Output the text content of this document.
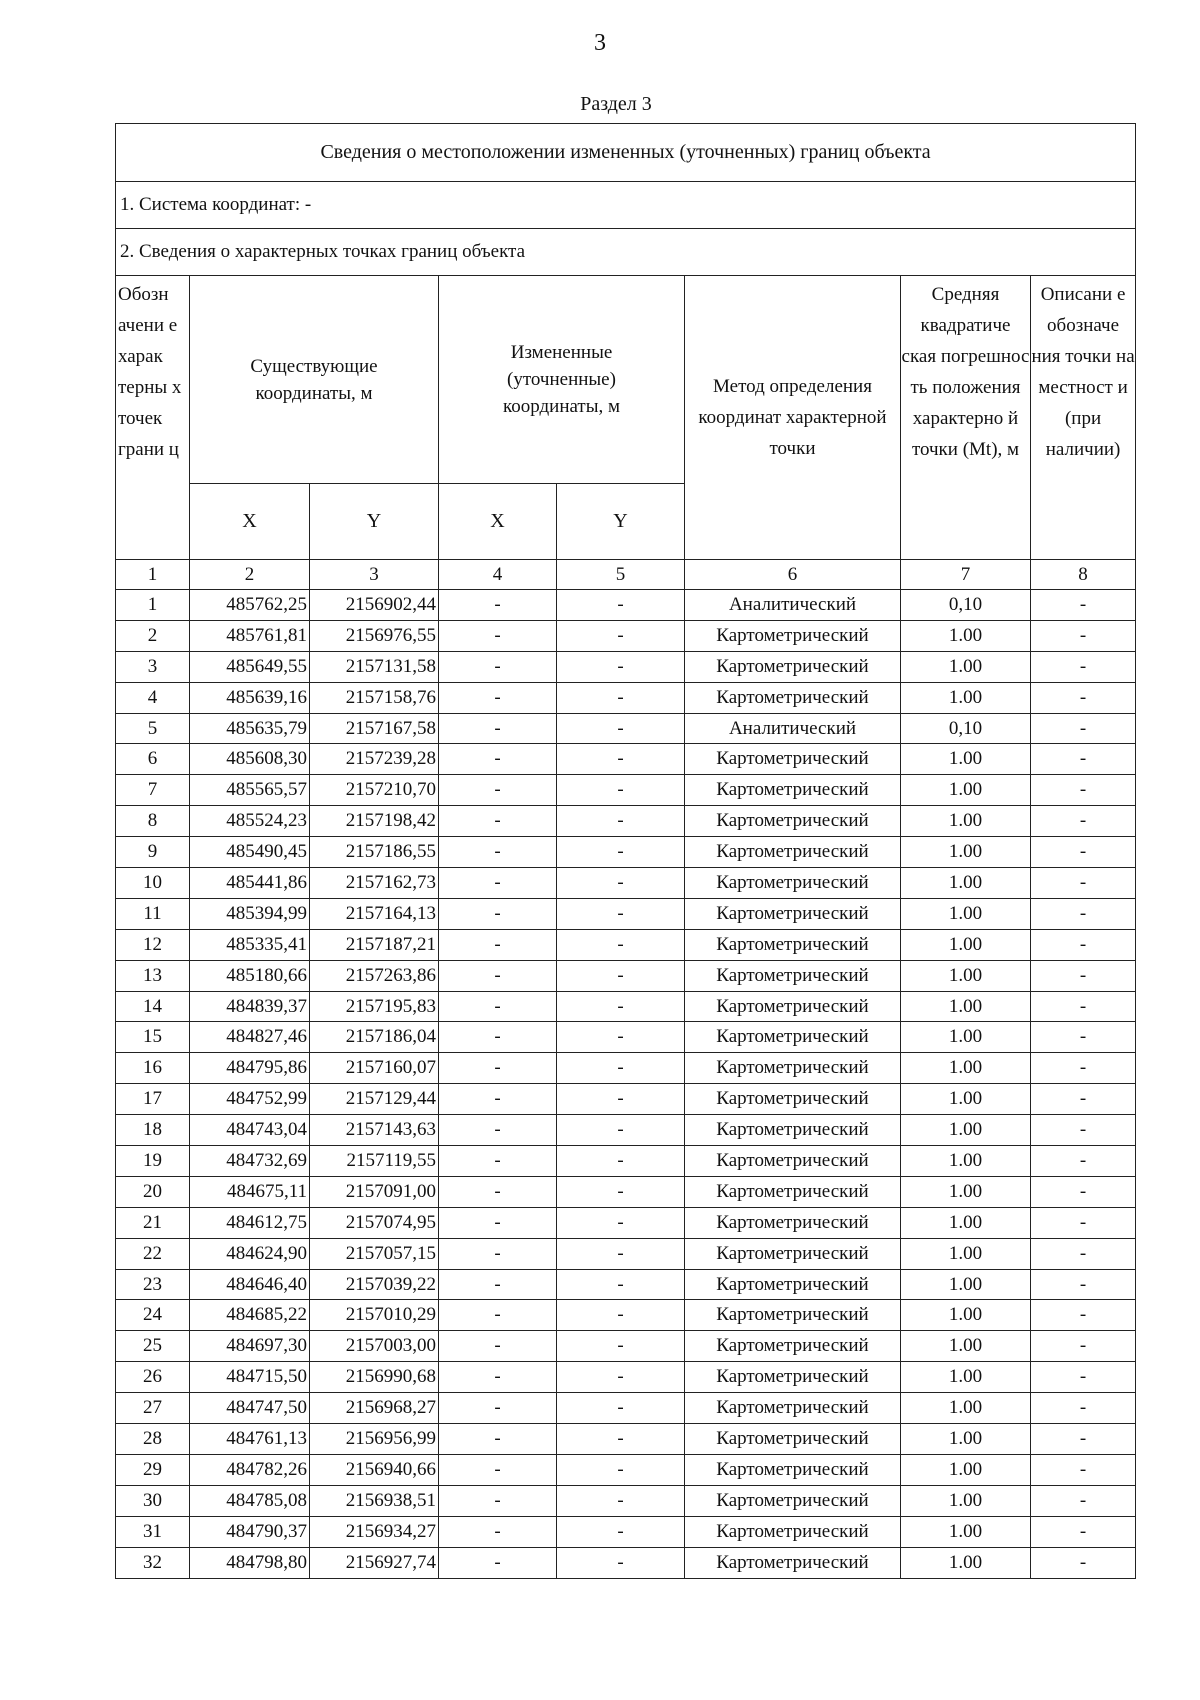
3
Раздел 3
Сведения о местоположении измененных (уточненных) границ объекта							
1. Система координат: -							
2. Сведения о характерных точках границ объекта							
Обозн ачени е харак терны х точек грани ц	Существующие координаты, м		Измененные (уточненные) координаты, м		Метод определения координат характерной точки	Средняя квадратиче ская погрешнос ть положения характерно й точки (Mt), м	Описани е обозначе ния точки на местност и (при наличии)
	X	Y	X	Y			
1	2	3	4	5	6	7	8
1	485762,25	2156902,44	-	-	Аналитический	0,10	-
2	485761,81	2156976,55	-	-	Картометрический	1.00	-
3	485649,55	2157131,58	-	-	Картометрический	1.00	-
4	485639,16	2157158,76	-	-	Картометрический	1.00	-
5	485635,79	2157167,58	-	-	Аналитический	0,10	-
6	485608,30	2157239,28	-	-	Картометрический	1.00	-
7	485565,57	2157210,70	-	-	Картометрический	1.00	-
8	485524,23	2157198,42	-	-	Картометрический	1.00	-
9	485490,45	2157186,55	-	-	Картометрический	1.00	-
10	485441,86	2157162,73	-	-	Картометрический	1.00	-
11	485394,99	2157164,13	-	-	Картометрический	1.00	-
12	485335,41	2157187,21	-	-	Картометрический	1.00	-
13	485180,66	2157263,86	-	-	Картометрический	1.00	-
14	484839,37	2157195,83	-	-	Картометрический	1.00	-
15	484827,46	2157186,04	-	-	Картометрический	1.00	-
16	484795,86	2157160,07	-	-	Картометрический	1.00	-
17	484752,99	2157129,44	-	-	Картометрический	1.00	-
18	484743,04	2157143,63	-	-	Картометрический	1.00	-
19	484732,69	2157119,55	-	-	Картометрический	1.00	-
20	484675,11	2157091,00	-	-	Картометрический	1.00	-
21	484612,75	2157074,95	-	-	Картометрический	1.00	-
22	484624,90	2157057,15	-	-	Картометрический	1.00	-
23	484646,40	2157039,22	-	-	Картометрический	1.00	-
24	484685,22	2157010,29	-	-	Картометрический	1.00	-
25	484697,30	2157003,00	-	-	Картометрический	1.00	-
26	484715,50	2156990,68	-	-	Картометрический	1.00	-
27	484747,50	2156968,27	-	-	Картометрический	1.00	-
28	484761,13	2156956,99	-	-	Картометрический	1.00	-
29	484782,26	2156940,66	-	-	Картометрический	1.00	-
30	484785,08	2156938,51	-	-	Картометрический	1.00	-
31	484790,37	2156934,27	-	-	Картометрический	1.00	-
32	484798,80	2156927,74	-	-	Картометрический	1.00	-
